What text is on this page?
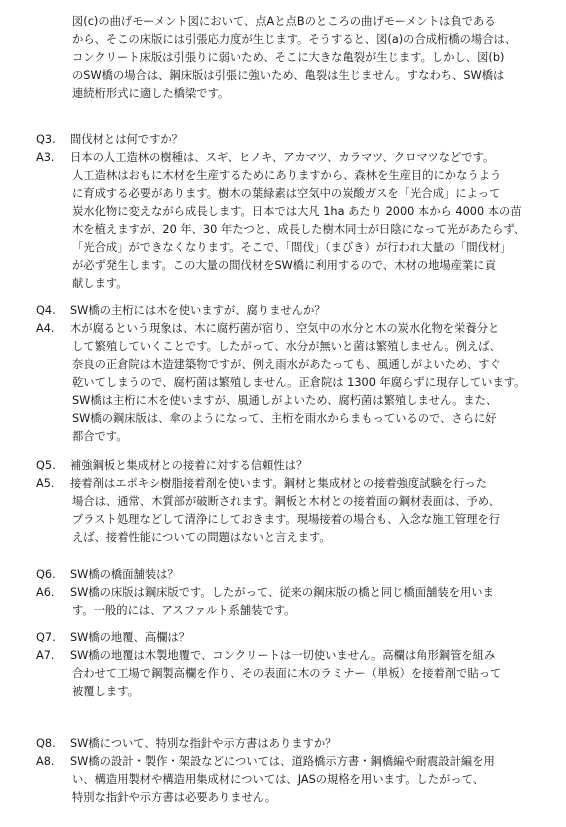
図(c)の曲げモーメント図において、点Aと点Bのところの曲げモーメントは負である
から、そこの床版には引張応力度が生じます。そうすると、図(a)の合成桁橋の場合は、
コンクリート床版は引張りに弱いため、そこに大きな亀裂が生じます。しかし、図(b)
のSW橋の場合は、鋼床版は引張に強いため、亀裂は生じません。すなわち、SW橋は
連続桁形式に適した橋梁です。
Q3. 間伐材とは何ですか？
A3. 日本の人工造林の樹種は、スギ、ヒノキ、アカマツ、カラマツ、クロマツなどです。
人工造林はおもに木材を生産するためにありますから、森林を生産目的にかなうよう
に育成する必要があります。樹木の葉緑素は空気中の炭酸ガスを「光合成」によって
炭水化物に変えながら成長します。日本では大凡 1ha あたり 2000 本から 4000 本の苗
木を植えますが、20 年、30 年たつと、成長した樹木同士が日陰になって光があたらず、
「光合成」ができなくなります。そこで、「間伐」（まびき）が行われ大量の「間伐材」
が必ず発生します。この大量の間伐材をSW橋に利用するので、木材の地場産業に貢
献します。
Q4. SW橋の主桁には木を使いますが、腐りませんか？
A4. 木が腐るという現象は、木に腐朽菌が宿り、空気中の水分と木の炭水化物を栄養分と
して繁殖していくことです。したがって、水分が無いと菌は繁殖しません。例えば、
奈良の正倉院は木造建築物ですが、例え雨水があたっても、風通しがよいため、すぐ
乾いてしまうので、腐朽菌は繁殖しません。正倉院は 1300 年腐らずに現存しています。
SW橋は主桁に木を使いますが、風通しがよいため、腐朽菌は繁殖しません。また、
SW橋の鋼床版は、傘のようになって、主桁を雨水からまもっているので、さらに好
都合です。
Q5. 補強鋼板と集成材との接着に対する信頼性は？
A5. 接着剤はエポキシ樹脂接着剤を使います。鋼材と集成材との接着強度試験を行った
場合は、通常、木質部が破断されます。鋼板と木材との接着面の鋼材表面は、予め、
ブラスト処理などして清浄にしておきます。現場接着の場合も、入念な施工管理を行
えば、接着性能についての問題はないと言えます。
Q6. SW橋の橋面舗装は？
A6. SW橋の床版は鋼床版です。したがって、従来の鋼床版の橋と同じ橋面舗装を用いま
す。一般的には、アスファルト系舗装です。
Q7. SW橋の地覆、高欄は？
A7. SW橋の地覆は木製地覆で、コンクリートは一切使いません。高欄は角形鋼管を組み
合わせて工場で鋼製高欄を作り、その表面に木のラミナー（単板）を接着剤で貼って
被覆します。
Q8. SW橋について、特別な指針や示方書はありますか？
A8. SW橋の設計・製作・架設などについては、道路橋示方書・鋼橋編や耐震設計編を用
い、構造用製材や構造用集成材については、JASの規格を用います。したがって、
特別な指針や示方書は必要ありません。
